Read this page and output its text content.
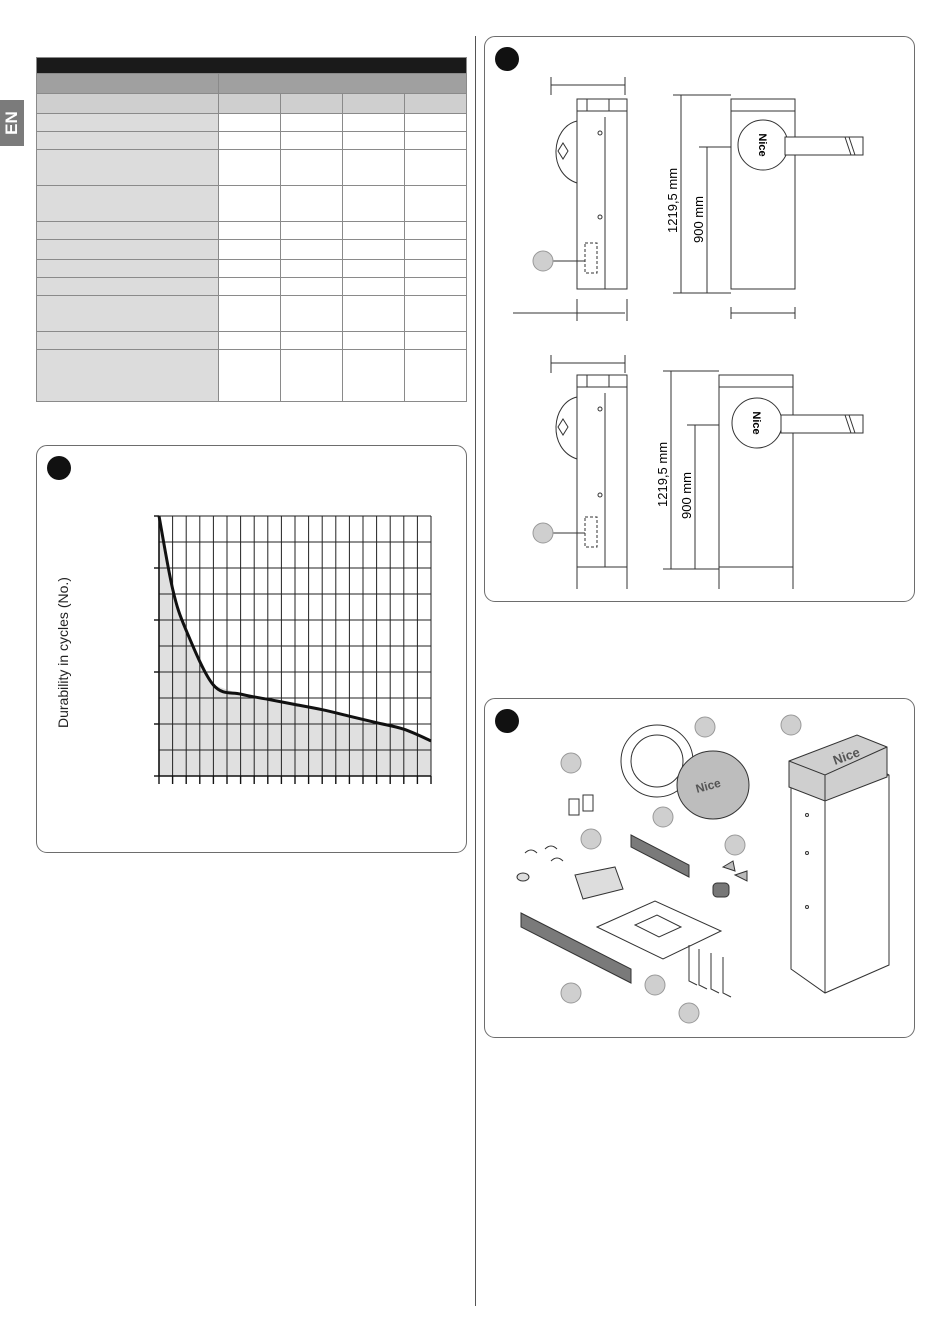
EN

Durability in cycles (No.)
Nice
Nice
1219,5 mm 900 mm
1219,5 mm 900 mm
Nice
Nice
